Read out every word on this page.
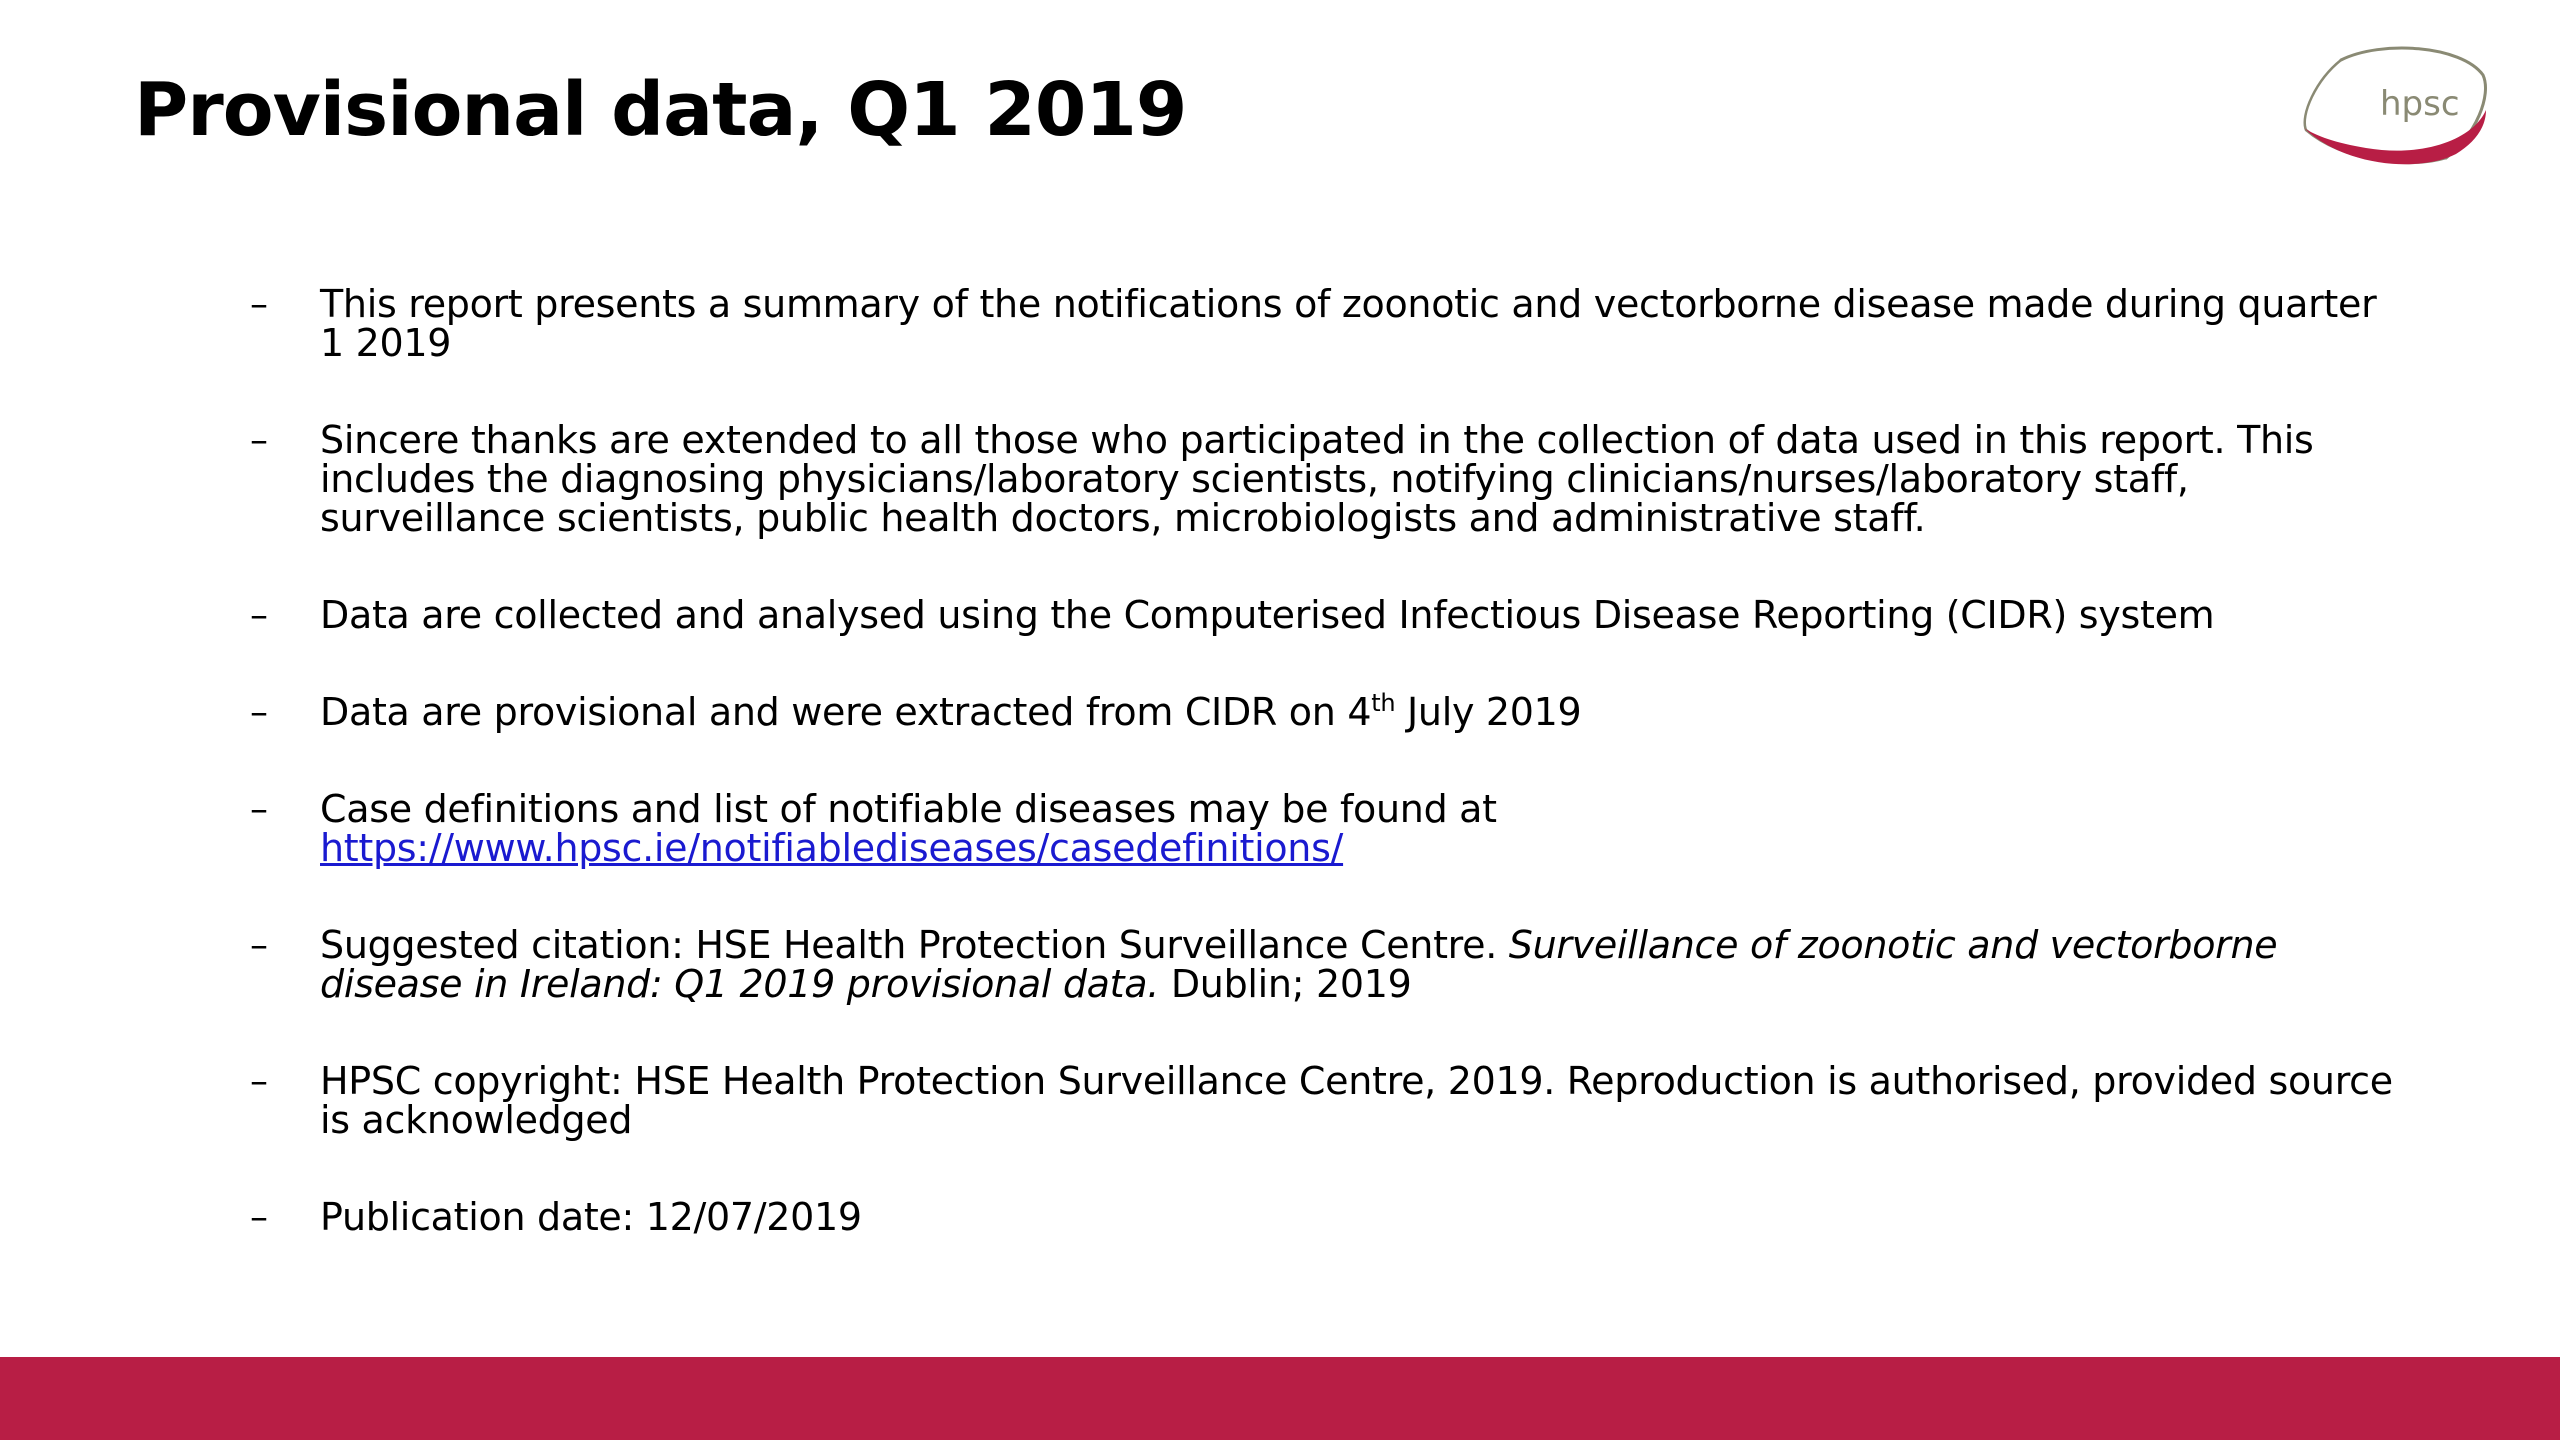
Provisional data, Q1 2019	hpsc
–	This report presents a summary of the notifications of zoonotic and vectorborne disease made during quarter 1 2019
–	Sincere thanks are extended to all those who participated in the collection of data used in this report. This includes the diagnosing physicians/laboratory scientists, notifying clinicians/nurses/laboratory staff, surveillance scientists, public health doctors, microbiologists and administrative staff.
–	Data are collected and analysed using the Computerised Infectious Disease Reporting (CIDR) system
–	Data are provisional and were extracted from CIDR on 4th July 2019
–	Case definitions and list of notifiable diseases may be found at
https://www.hpsc.ie/notifiablediseases/casedefinitions/
–	Suggested citation: HSE Health Protection Surveillance Centre. Surveillance of zoonotic and vectorborne disease in Ireland: Q1 2019 provisional data. Dublin; 2019
–	HPSC copyright: HSE Health Protection Surveillance Centre, 2019. Reproduction is authorised, provided source is acknowledged
–	Publication date: 12/07/2019
